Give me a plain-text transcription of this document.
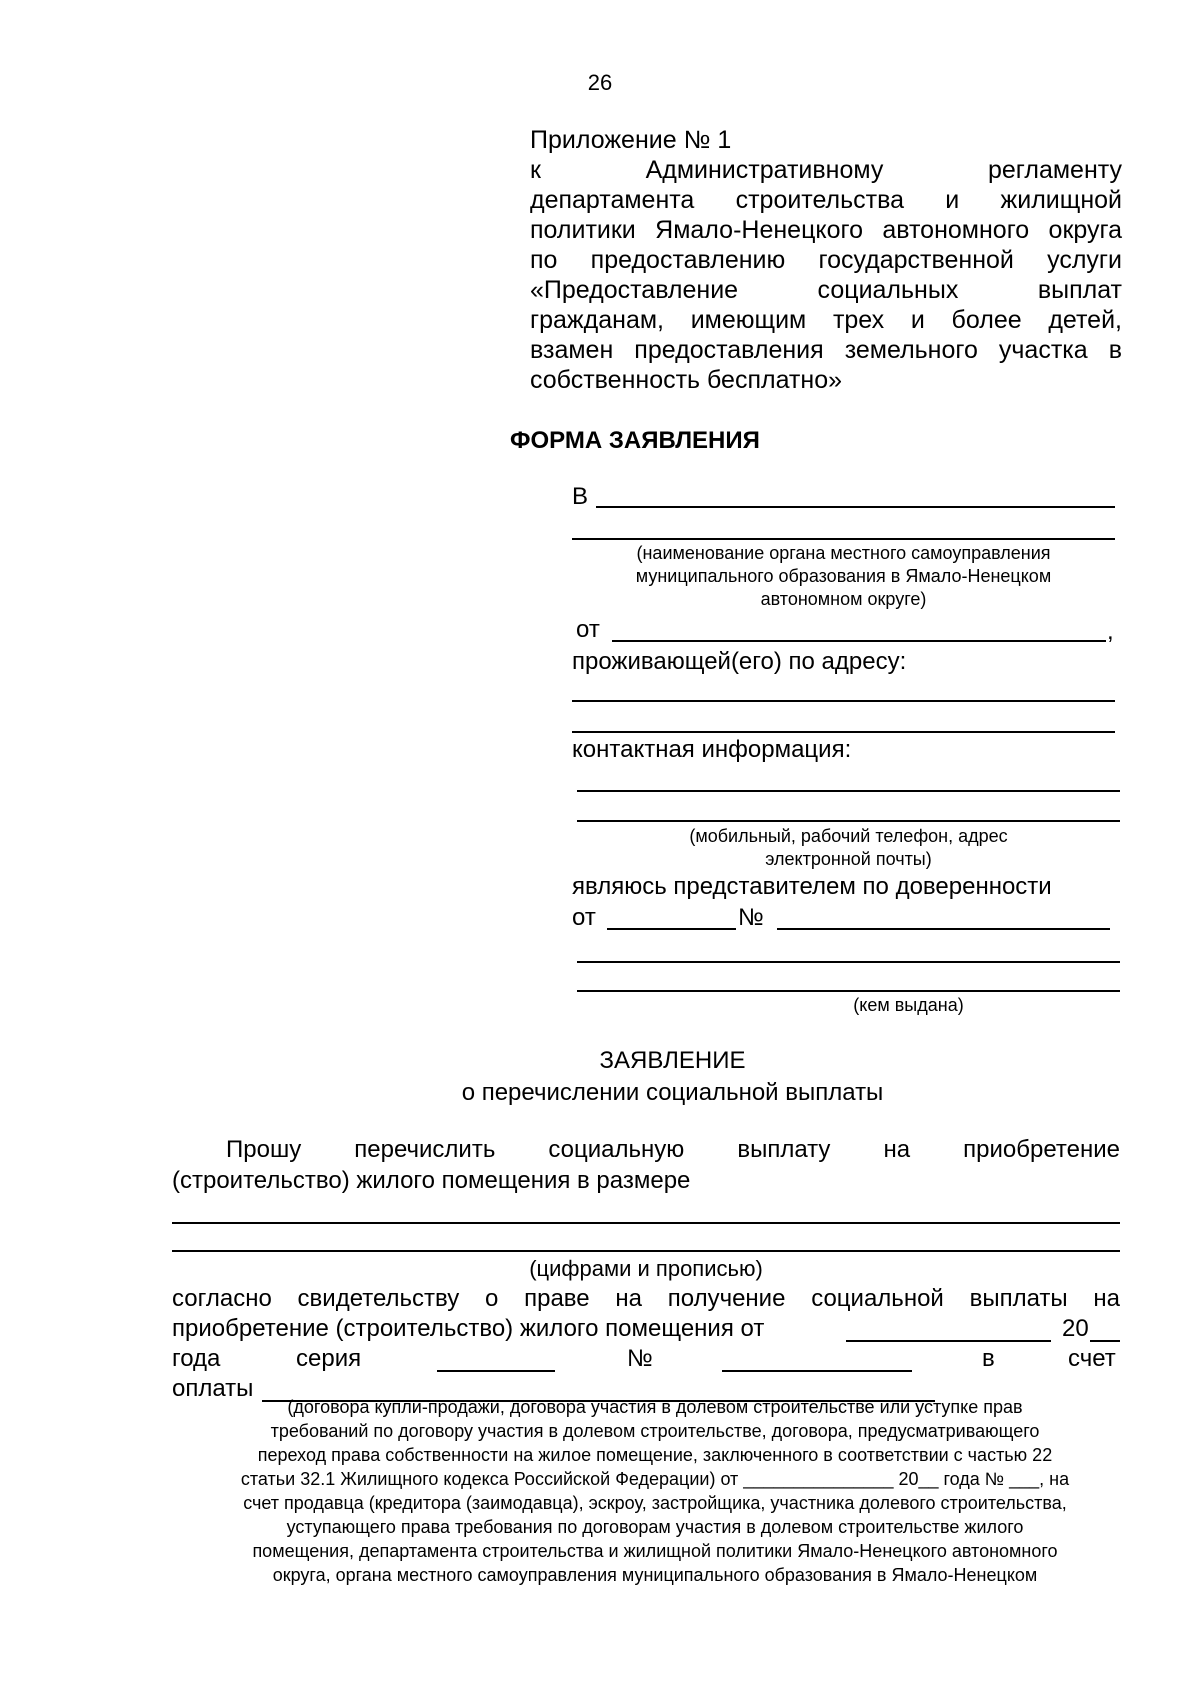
26
Приложение № 1
к Административному регламенту
департамента строительства и жилищной
политики Ямало-Ненецкого автономного округа
по предоставлению государственной услуги
«Предоставление социальных выплат
гражданам, имеющим трех и более детей,
взамен предоставления земельного участка в
собственность бесплатно»
ФОРМА ЗАЯВЛЕНИЯ
В
(наименование органа местного самоуправления
муниципального образования в Ямало-Ненецком
автономном округе)
от	,
проживающей(его) по адресу:
контактная информация:
(мобильный, рабочий телефон, адрес
электронной почты)
являюсь представителем по доверенности
от	№
(кем выдана)
ЗАЯВЛЕНИЕ
о перечислении социальной выплаты
Прошу перечислить социальную выплату на приобретение
(строительство) жилого помещения в размере
(цифрами и прописью)
согласно свидетельству о праве на получение социальной выплаты на
приобретение (строительство) жилого помещения от	20
года	серия	№	в	счет
оплаты
(договора купли-продажи, договора участия в долевом строительстве или уступке прав
требований по договору участия в долевом строительстве, договора, предусматривающего
переход права собственности на жилое помещение, заключенного в соответствии с частью 22
статьи 32.1 Жилищного кодекса Российской Федерации) от _______________ 20__ года № ___, на
счет продавца (кредитора (заимодавца), эскроу, застройщика, участника долевого строительства,
уступающего права требования по договорам участия в долевом строительстве жилого
помещения, департамента строительства и жилищной политики Ямало-Ненецкого автономного
округа, органа местного самоуправления муниципального образования в Ямало-Ненецком
